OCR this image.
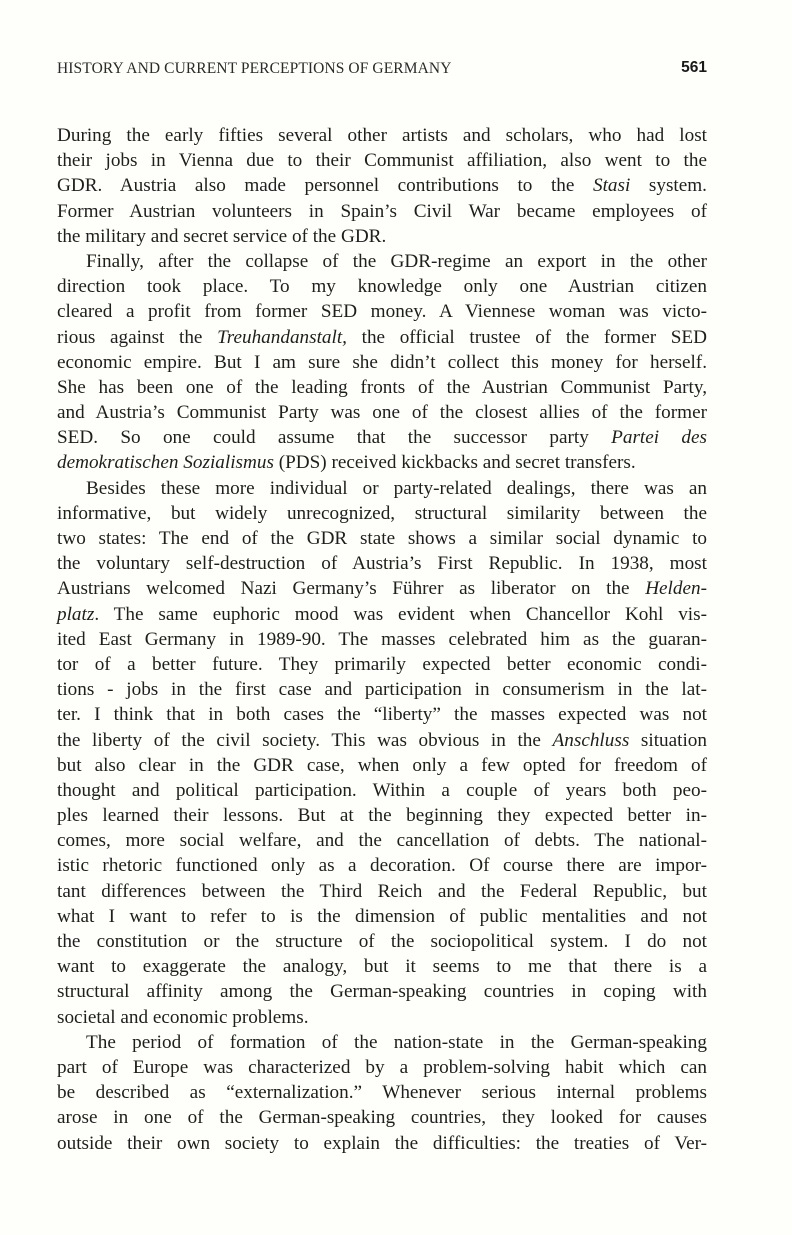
HISTORY AND CURRENT PERCEPTIONS OF GERMANY	561
During the early fifties several other artists and scholars, who had lost
their jobs in Vienna due to their Communist affiliation, also went to the
GDR. Austria also made personnel contributions to the Stasi system.
Former Austrian volunteers in Spain’s Civil War became employees of
the military and secret service of the GDR.
Finally, after the collapse of the GDR-regime an export in the other
direction took place. To my knowledge only one Austrian citizen
cleared a profit from former SED money. A Viennese woman was victo-
rious against the Treuhandanstalt, the official trustee of the former SED
economic empire. But I am sure she didn’t collect this money for herself.
She has been one of the leading fronts of the Austrian Communist Party,
and Austria’s Communist Party was one of the closest allies of the former
SED. So one could assume that the successor party Partei des
demokratischen Sozialismus (PDS) received kickbacks and secret transfers.
Besides these more individual or party-related dealings, there was an
informative, but widely unrecognized, structural similarity between the
two states: The end of the GDR state shows a similar social dynamic to
the voluntary self-destruction of Austria’s First Republic. In 1938, most
Austrians welcomed Nazi Germany’s Führer as liberator on the Helden-
platz. The same euphoric mood was evident when Chancellor Kohl vis-
ited East Germany in 1989-90. The masses celebrated him as the guaran-
tor of a better future. They primarily expected better economic condi-
tions - jobs in the first case and participation in consumerism in the lat-
ter. I think that in both cases the “liberty” the masses expected was not
the liberty of the civil society. This was obvious in the Anschluss situation
but also clear in the GDR case, when only a few opted for freedom of
thought and political participation. Within a couple of years both peo-
ples learned their lessons. But at the beginning they expected better in-
comes, more social welfare, and the cancellation of debts. The national-
istic rhetoric functioned only as a decoration. Of course there are impor-
tant differences between the Third Reich and the Federal Republic, but
what I want to refer to is the dimension of public mentalities and not
the constitution or the structure of the sociopolitical system. I do not
want to exaggerate the analogy, but it seems to me that there is a
structural affinity among the German-speaking countries in coping with
societal and economic problems.
The period of formation of the nation-state in the German-speaking
part of Europe was characterized by a problem-solving habit which can
be described as “externalization.” Whenever serious internal problems
arose in one of the German-speaking countries, they looked for causes
outside their own society to explain the difficulties: the treaties of Ver-
